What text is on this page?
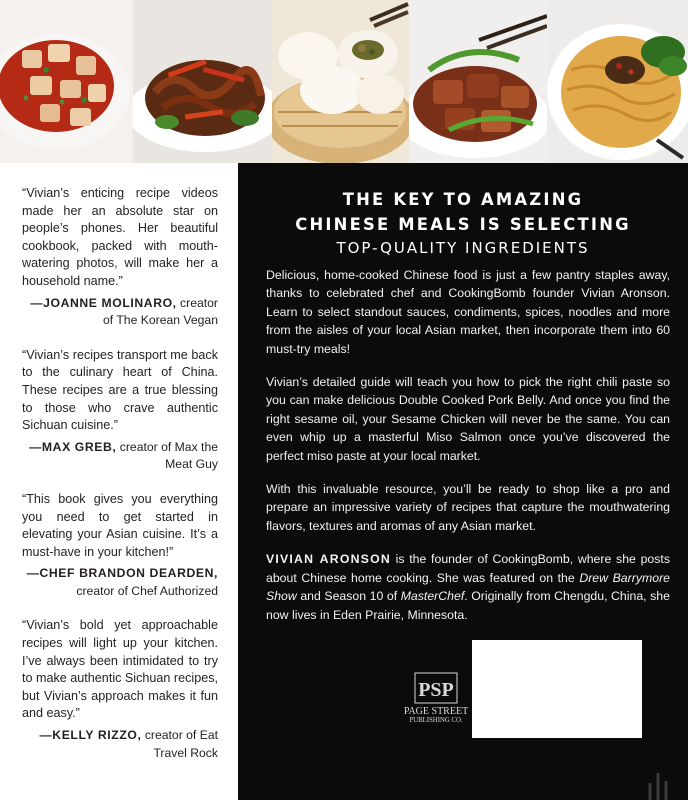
“Vivian’s enticing recipe videos made her an absolute star on people’s phones. Her beautiful cookbook, packed with mouth-watering photos, will make her a household name.”

—JOANNE MOLINARO, creator of The Korean Vegan

“Vivian’s recipes transport me back to the culinary heart of China. These recipes are a true blessing to those who crave authentic Sichuan cuisine.”

—MAX GREB, creator of Max the Meat Guy

“This book gives you everything you need to get started in elevating your Asian cuisine. It’s a must-have in your kitchen!”

—CHEF BRANDON DEARDEN, creator of Chef Authorized

“Vivian’s bold yet approachable recipes will light up your kitchen. I’ve always been intimidated to try to make authentic Sichuan recipes, but Vivian’s approach makes it fun and easy.”

—KELLY RIZZO, creator of Eat Travel Rock

THE KEY TO AMAZING
CHINESE MEALS IS SELECTING
TOP-QUALITY INGREDIENTS

Delicious, home-cooked Chinese food is just a few pantry staples away, thanks to celebrated chef and CookingBomb founder Vivian Aronson. Learn to select standout sauces, condiments, spices, noodles and more from the aisles of your local Asian market, then incorporate them into 60 must-try meals!

Vivian’s detailed guide will teach you how to pick the right chili paste so you can make delicious Double Cooked Pork Belly. And once you find the right sesame oil, your Sesame Chicken will never be the same. You can even whip up a masterful Miso Salmon once you’ve discovered the perfect miso paste at your local market.

With this invaluable resource, you’ll be ready to shop like a pro and prepare an impressive variety of recipes that capture the mouthwatering flavors, textures and aromas of any Asian market.

VIVIAN ARONSON is the founder of CookingBomb, where she posts about Chinese home cooking. She was featured on the Drew Barrymore Show and Season 10 of MasterChef. Originally from Chengdu, China, she now lives in Eden Prairie, Minnesota.

PSP
PAGE STREET
PUBLISHING CO.
